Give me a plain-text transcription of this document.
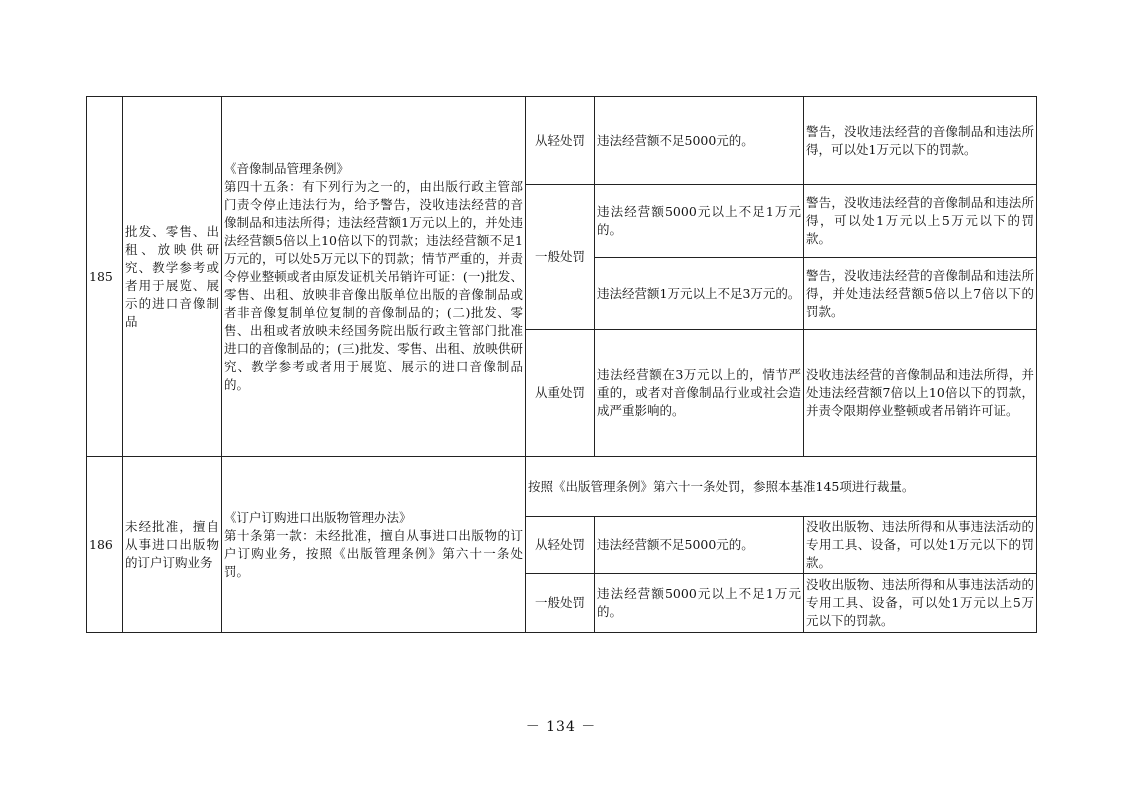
185	批发、零售、出租、放映供研究、教学参考或者用于展览、展示的进口音像制品	《音像制品管理条例》
第四十五条：有下列行为之一的，由出版行政主管部门责令停止违法行为，给予警告，没收违法经营的音像制品和违法所得；违法经营额1万元以上的，并处违法经营额5倍以上10倍以下的罚款；违法经营额不足1万元的，可以处5万元以下的罚款；情节严重的，并责令停业整顿或者由原发证机关吊销许可证：(一)批发、零售、出租、放映非音像出版单位出版的音像制品或者非音像复制单位复制的音像制品的；(二)批发、零售、出租或者放映未经国务院出版行政主管部门批准进口的音像制品的；(三)批发、零售、出租、放映供研究、教学参考或者用于展览、展示的进口音像制品的。	从轻处罚	违法经营额不足5000元的。	警告，没收违法经营的音像制品和违法所得，可以处1万元以下的罚款。
			一般处罚	违法经营额5000元以上不足1万元的。	警告，没收违法经营的音像制品和违法所得，可以处1万元以上5万元以下的罚款。
				违法经营额1万元以上不足3万元的。	警告，没收违法经营的音像制品和违法所得，并处违法经营额5倍以上7倍以下的罚款。
			从重处罚	违法经营额在3万元以上的，情节严重的，或者对音像制品行业或社会造成严重影响的。	没收违法经营的音像制品和违法所得，并处违法经营额7倍以上10倍以下的罚款，并责令限期停业整顿或者吊销许可证。
186	未经批准，擅自从事进口出版物的订户订购业务	《订户订购进口出版物管理办法》
第十条第一款：未经批准，擅自从事进口出版物的订户订购业务，按照《出版管理条例》第六十一条处罚。	按照《出版管理条例》第六十一条处罚，参照本基准145项进行裁量。		
			从轻处罚	违法经营额不足5000元的。	没收出版物、违法所得和从事违法活动的专用工具、设备，可以处1万元以下的罚款。
			一般处罚	违法经营额5000元以上不足1万元的。	没收出版物、违法所得和从事违法活动的专用工具、设备，可以处1万元以上5万元以下的罚款。
－ 134 －
